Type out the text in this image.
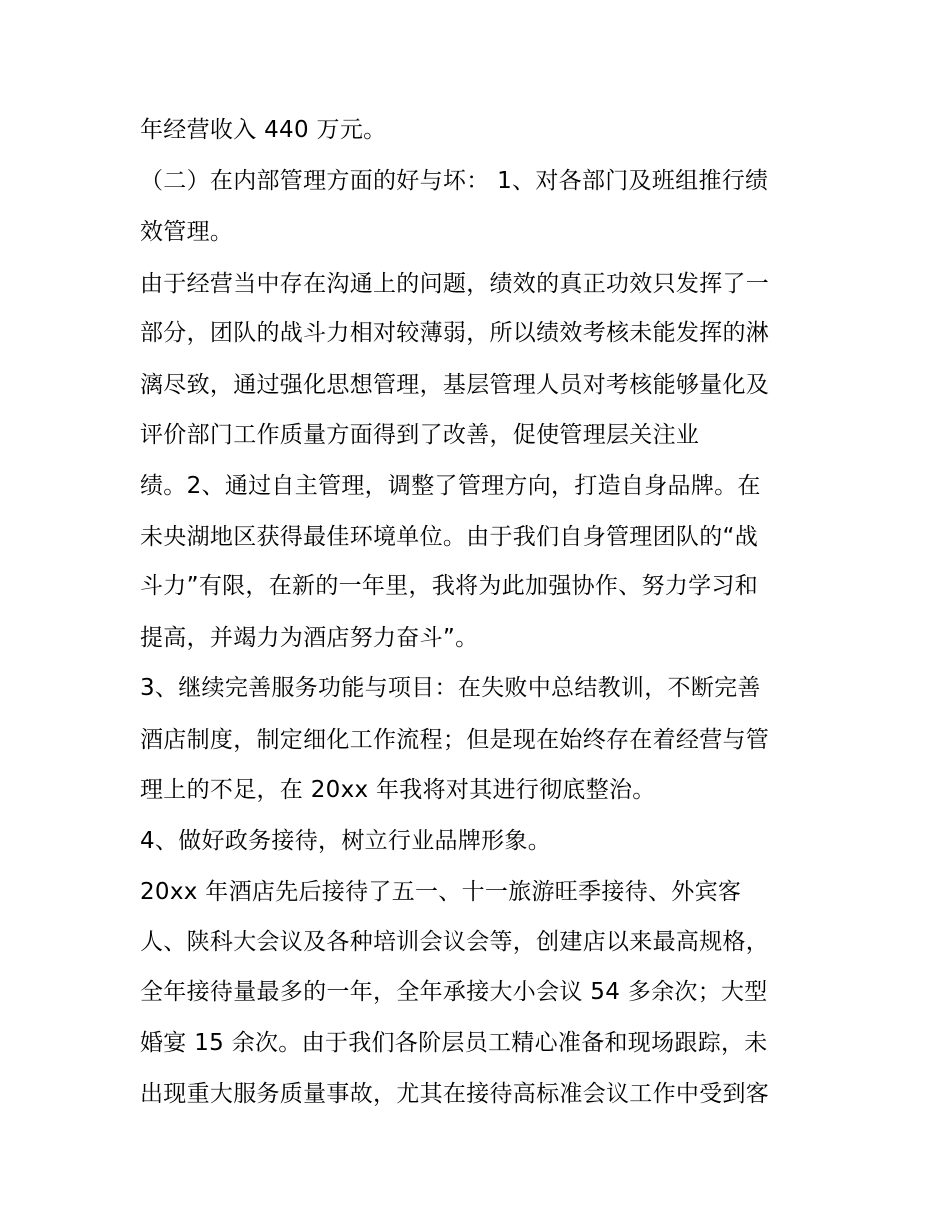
年经营收入 440 万元。
（二）在内部管理方面的好与坏： 1、对各部门及班组推行绩
效管理。
由于经营当中存在沟通上的问题，绩效的真正功效只发挥了一
部分，团队的战斗力相对较薄弱，所以绩效考核未能发挥的淋
漓尽致，通过强化思想管理，基层管理人员对考核能够量化及
评价部门工作质量方面得到了改善，促使管理层关注业
绩。2、通过自主管理，调整了管理方向，打造自身品牌。在
未央湖地区获得最佳环境单位。由于我们自身管理团队的“战
斗力”有限，在新的一年里，我将为此加强协作、努力学习和
提高，并竭力为酒店努力奋斗”。
3、继续完善服务功能与项目：在失败中总结教训，不断完善
酒店制度，制定细化工作流程；但是现在始终存在着经营与管
理上的不足，在 20xx 年我将对其进行彻底整治。
4、做好政务接待，树立行业品牌形象。
20xx 年酒店先后接待了五一、十一旅游旺季接待、外宾客
人、陕科大会议及各种培训会议会等，创建店以来最高规格，
全年接待量最多的一年，全年承接大小会议 54 多余次；大型
婚宴 15 余次。由于我们各阶层员工精心准备和现场跟踪，未
出现重大服务质量事故，尤其在接待高标准会议工作中受到客
